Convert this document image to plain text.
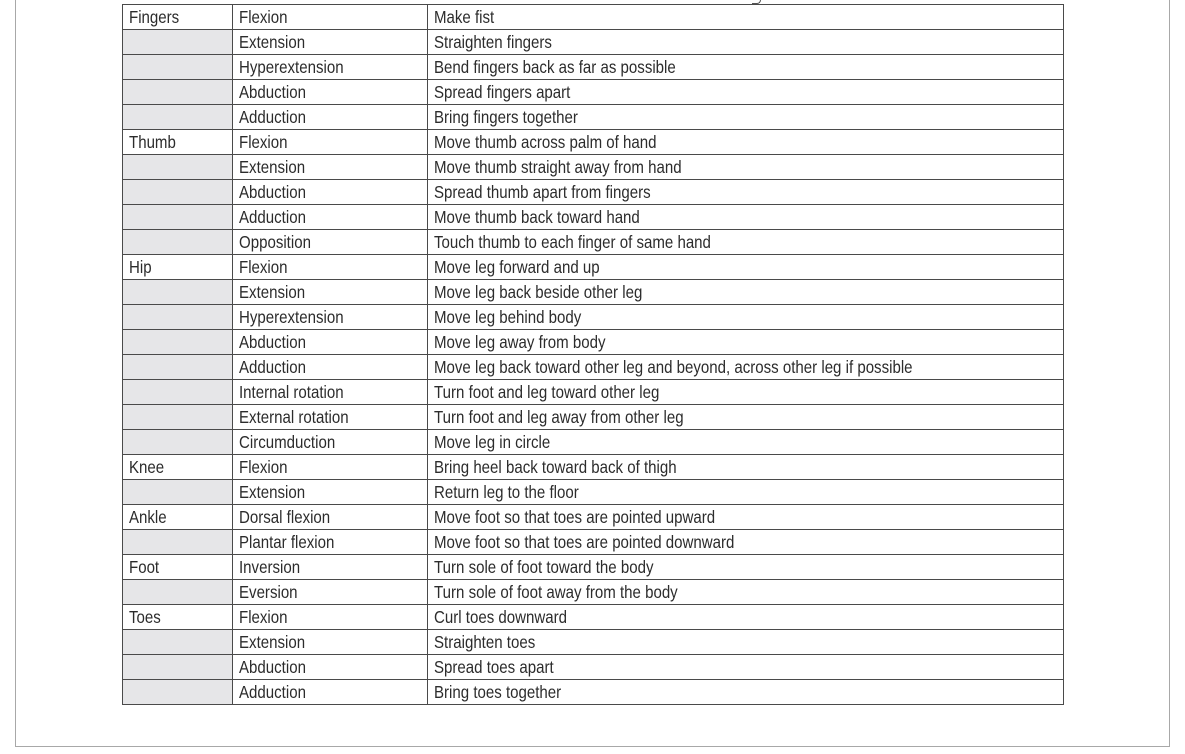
Fingers	Flexion	Make fist
	Extension	Straighten fingers
	Hyperextension	Bend fingers back as far as possible
	Abduction	Spread fingers apart
	Adduction	Bring fingers together
Thumb	Flexion	Move thumb across palm of hand
	Extension	Move thumb straight away from hand
	Abduction	Spread thumb apart from fingers
	Adduction	Move thumb back toward hand
	Opposition	Touch thumb to each finger of same hand
Hip	Flexion	Move leg forward and up
	Extension	Move leg back beside other leg
	Hyperextension	Move leg behind body
	Abduction	Move leg away from body
	Adduction	Move leg back toward other leg and beyond, across other leg if possible
	Internal rotation	Turn foot and leg toward other leg
	External rotation	Turn foot and leg away from other leg
	Circumduction	Move leg in circle
Knee	Flexion	Bring heel back toward back of thigh
	Extension	Return leg to the floor
Ankle	Dorsal flexion	Move foot so that toes are pointed upward
	Plantar flexion	Move foot so that toes are pointed downward
Foot	Inversion	Turn sole of foot toward the body
	Eversion	Turn sole of foot away from the body
Toes	Flexion	Curl toes downward
	Extension	Straighten toes
	Abduction	Spread toes apart
	Adduction	Bring toes together
